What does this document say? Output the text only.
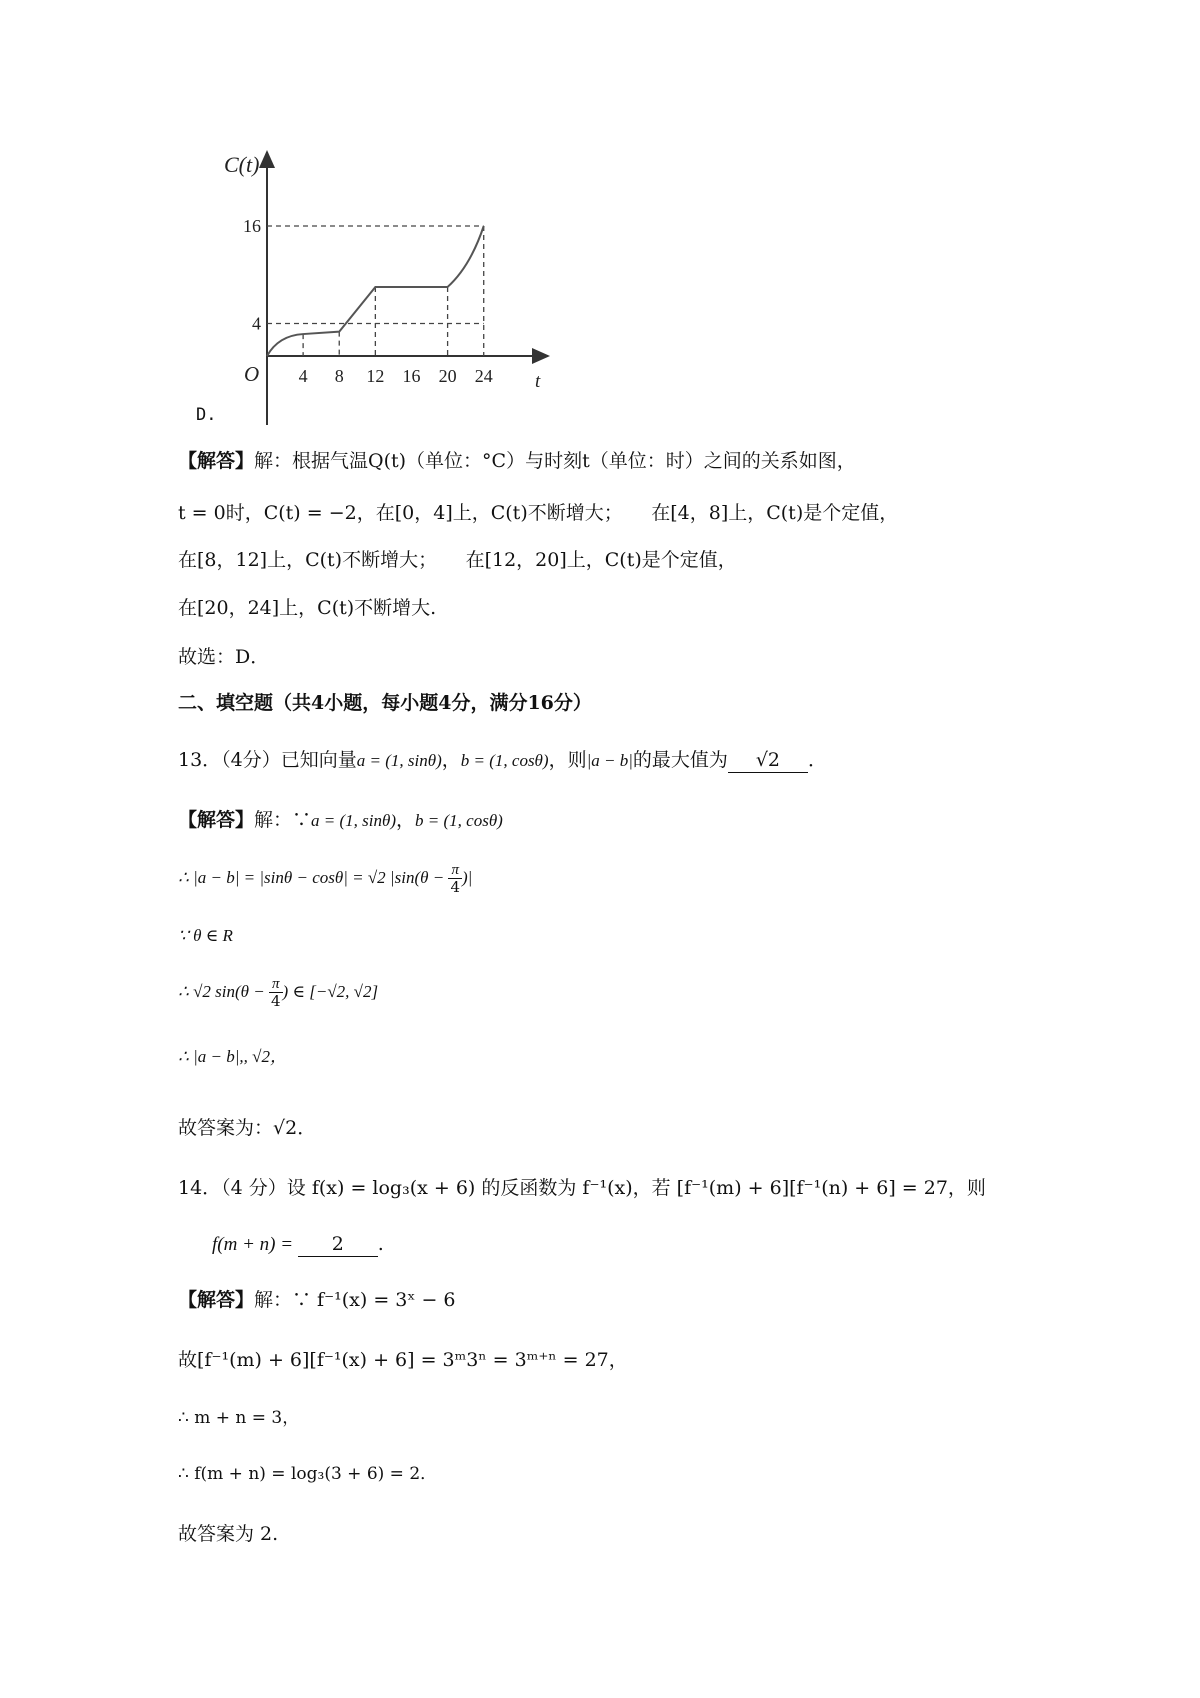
4 8 12 16 20 24
4
16
C(t)
O	t
D.
【解答】解：根据气温Q(t)（单位：°C）与时刻t（单位：时）之间的关系如图，
t = 0时，C(t) = −2，在[0，4]上，C(t)不断增大；　　在[4，8]上，C(t)是个定值，
在[8，12]上，C(t)不断增大；　　在[12，20]上，C(t)是个定值，
在[20，24]上，C(t)不断增大.
故选：D．
二、填空题（共4小题，每小题4分，满分16分）
13．（4分）已知向量a = (1, sinθ)，b = (1, cosθ)，则|a − b|的最大值为 √2 ．
【解答】解：∵a = (1, sinθ)，b = (1, cosθ)
∴ |a − b| = |sinθ − cosθ| = √2 $|\sin(\theta - \frac{\pi}{4}$ )|
∵ θ ∈ R
∴ √2 $\sin(\theta - \frac{\pi}{4}$ ) ∈ [−√2, √2]
∴ |a − b|,, √2，
故答案为：√2．
14．（4 分）设 f(x) = log₃(x + 6) 的反函数为 f⁻¹(x)，若 [f⁻¹(m) + 6][f⁻¹(n) + 6] = 27，则
f(m + n) = 2 .
【解答】解：∵ f⁻¹(x) = 3ˣ − 6
故[f⁻¹(m) + 6][f⁻¹(x) + 6] = 3ᵐ3ⁿ = 3ᵐ⁺ⁿ = 27，
∴ m + n = 3，
∴ f(m + n) = log₃(3 + 6) = 2．
故答案为 2.
